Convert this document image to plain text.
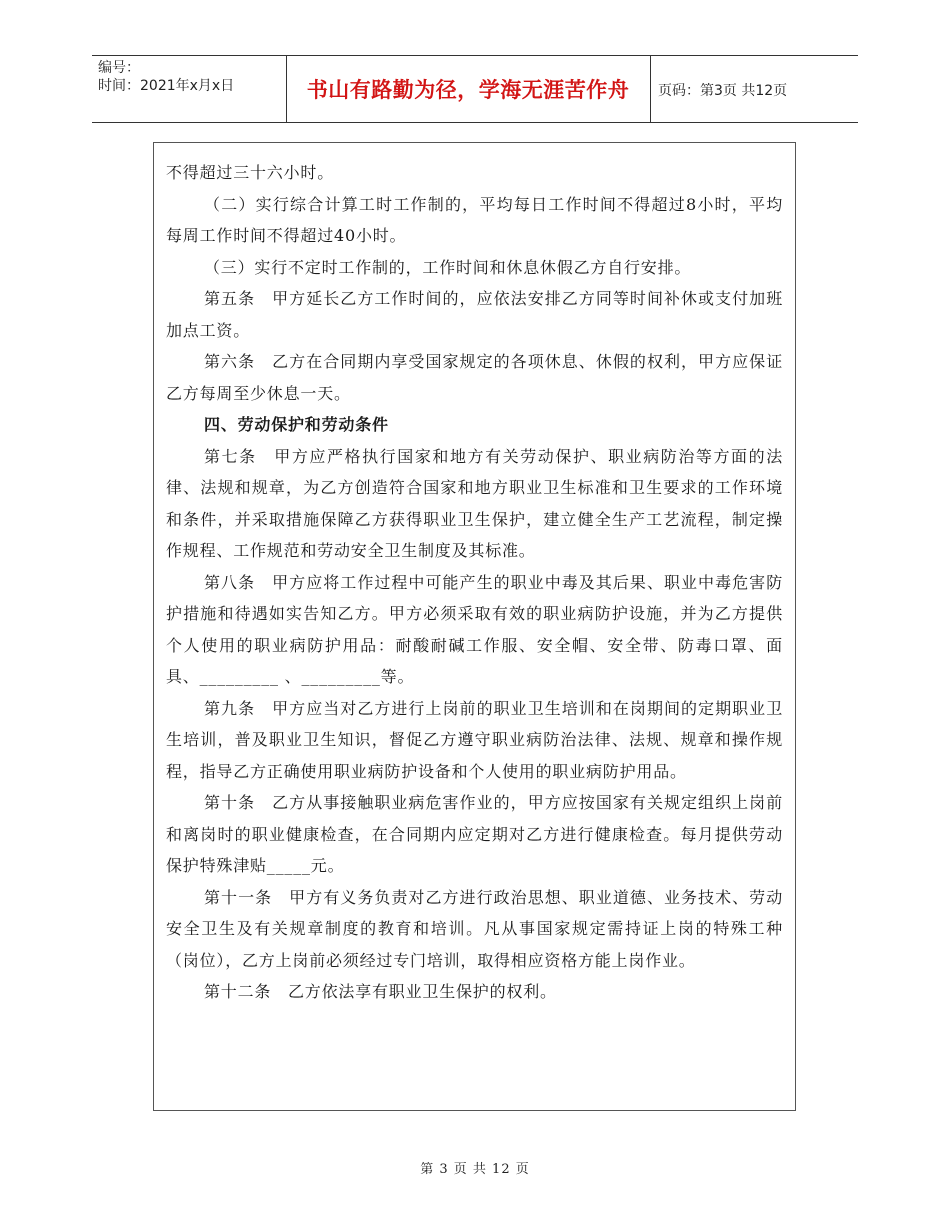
编号：
时间：2021年x月x日	书山有路勤为径，学海无涯苦作舟	页码：第3页 共12页

不得超过三十六小时。

（二）实行综合计算工时工作制的，平均每日工作时间不得超过8小时，平均每周工作时间不得超过40小时。

（三）实行不定时工作制的，工作时间和休息休假乙方自行安排。

第五条　甲方延长乙方工作时间的，应依法安排乙方同等时间补休或支付加班加点工资。

第六条　乙方在合同期内享受国家规定的各项休息、休假的权利，甲方应保证乙方每周至少休息一天。

四、劳动保护和劳动条件

第七条　甲方应严格执行国家和地方有关劳动保护、职业病防治等方面的法律、法规和规章，为乙方创造符合国家和地方职业卫生标准和卫生要求的工作环境和条件，并采取措施保障乙方获得职业卫生保护，建立健全生产工艺流程，制定操作规程、工作规范和劳动安全卫生制度及其标准。

第八条　甲方应将工作过程中可能产生的职业中毒及其后果、职业中毒危害防护措施和待遇如实告知乙方。甲方必须采取有效的职业病防护设施，并为乙方提供个人使用的职业病防护用品：耐酸耐碱工作服、安全帽、安全带、防毒口罩、面具、_________ 、_________等。

第九条　甲方应当对乙方进行上岗前的职业卫生培训和在岗期间的定期职业卫生培训，普及职业卫生知识，督促乙方遵守职业病防治法律、法规、规章和操作规程，指导乙方正确使用职业病防护设备和个人使用的职业病防护用品。

第十条　乙方从事接触职业病危害作业的，甲方应按国家有关规定组织上岗前和离岗时的职业健康检查，在合同期内应定期对乙方进行健康检查。每月提供劳动保护特殊津贴_____元。

第十一条　甲方有义务负责对乙方进行政治思想、职业道德、业务技术、劳动安全卫生及有关规章制度的教育和培训。凡从事国家规定需持证上岗的特殊工种（岗位），乙方上岗前必须经过专门培训，取得相应资格方能上岗作业。

第十二条　乙方依法享有职业卫生保护的权利。

第 3 页 共 12 页
